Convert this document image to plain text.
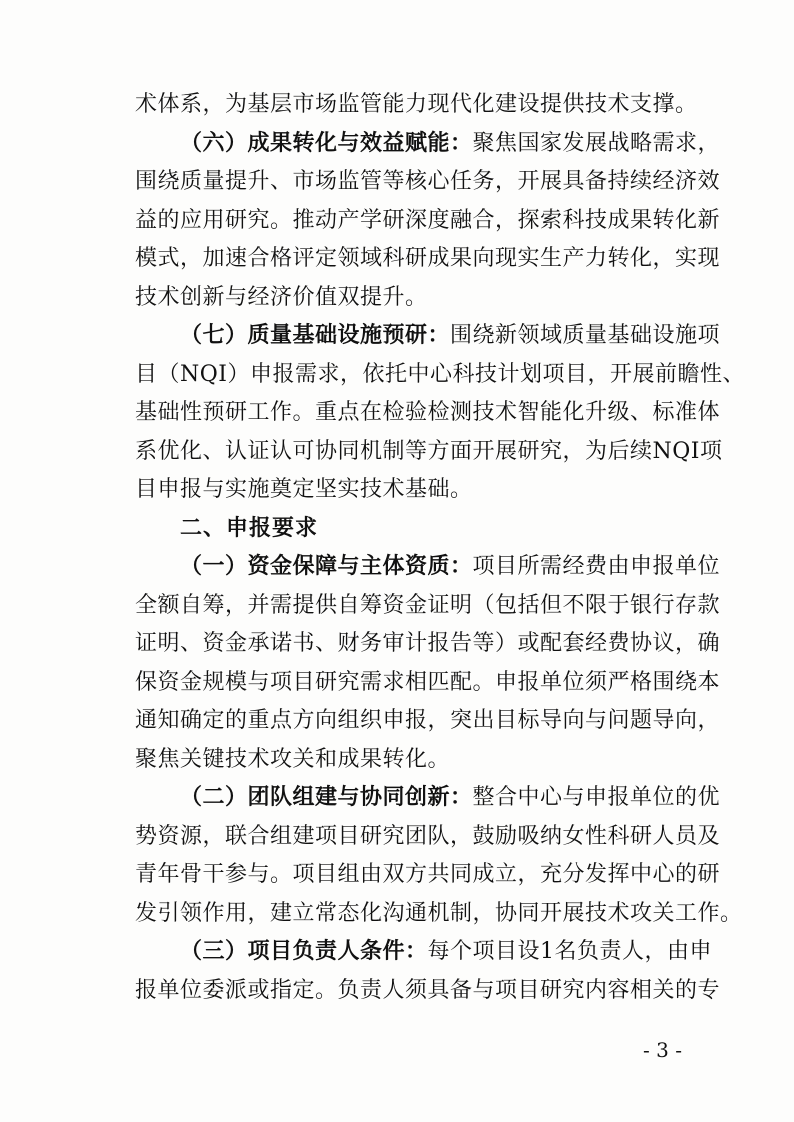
术体系，为基层市场监管能力现代化建设提供技术支撑。
（六）成果转化与效益赋能：聚焦国家发展战略需求，
围绕质量提升、市场监管等核心任务，开展具备持续经济效
益的应用研究。推动产学研深度融合，探索科技成果转化新
模式，加速合格评定领域科研成果向现实生产力转化，实现
技术创新与经济价值双提升。
（七）质量基础设施预研：围绕新领域质量基础设施项
目（NQI）申报需求，依托中心科技计划项目，开展前瞻性、
基础性预研工作。重点在检验检测技术智能化升级、标准体
系优化、认证认可协同机制等方面开展研究，为后续NQI项
目申报与实施奠定坚实技术基础。
二、申报要求
（一）资金保障与主体资质：项目所需经费由申报单位
全额自筹，并需提供自筹资金证明（包括但不限于银行存款
证明、资金承诺书、财务审计报告等）或配套经费协议，确
保资金规模与项目研究需求相匹配。申报单位须严格围绕本
通知确定的重点方向组织申报，突出目标导向与问题导向，
聚焦关键技术攻关和成果转化。
（二）团队组建与协同创新：整合中心与申报单位的优
势资源，联合组建项目研究团队，鼓励吸纳女性科研人员及
青年骨干参与。项目组由双方共同成立，充分发挥中心的研
发引领作用，建立常态化沟通机制，协同开展技术攻关工作。
（三）项目负责人条件：每个项目设1名负责人，由申
报单位委派或指定。负责人须具备与项目研究内容相关的专
- 3 -
